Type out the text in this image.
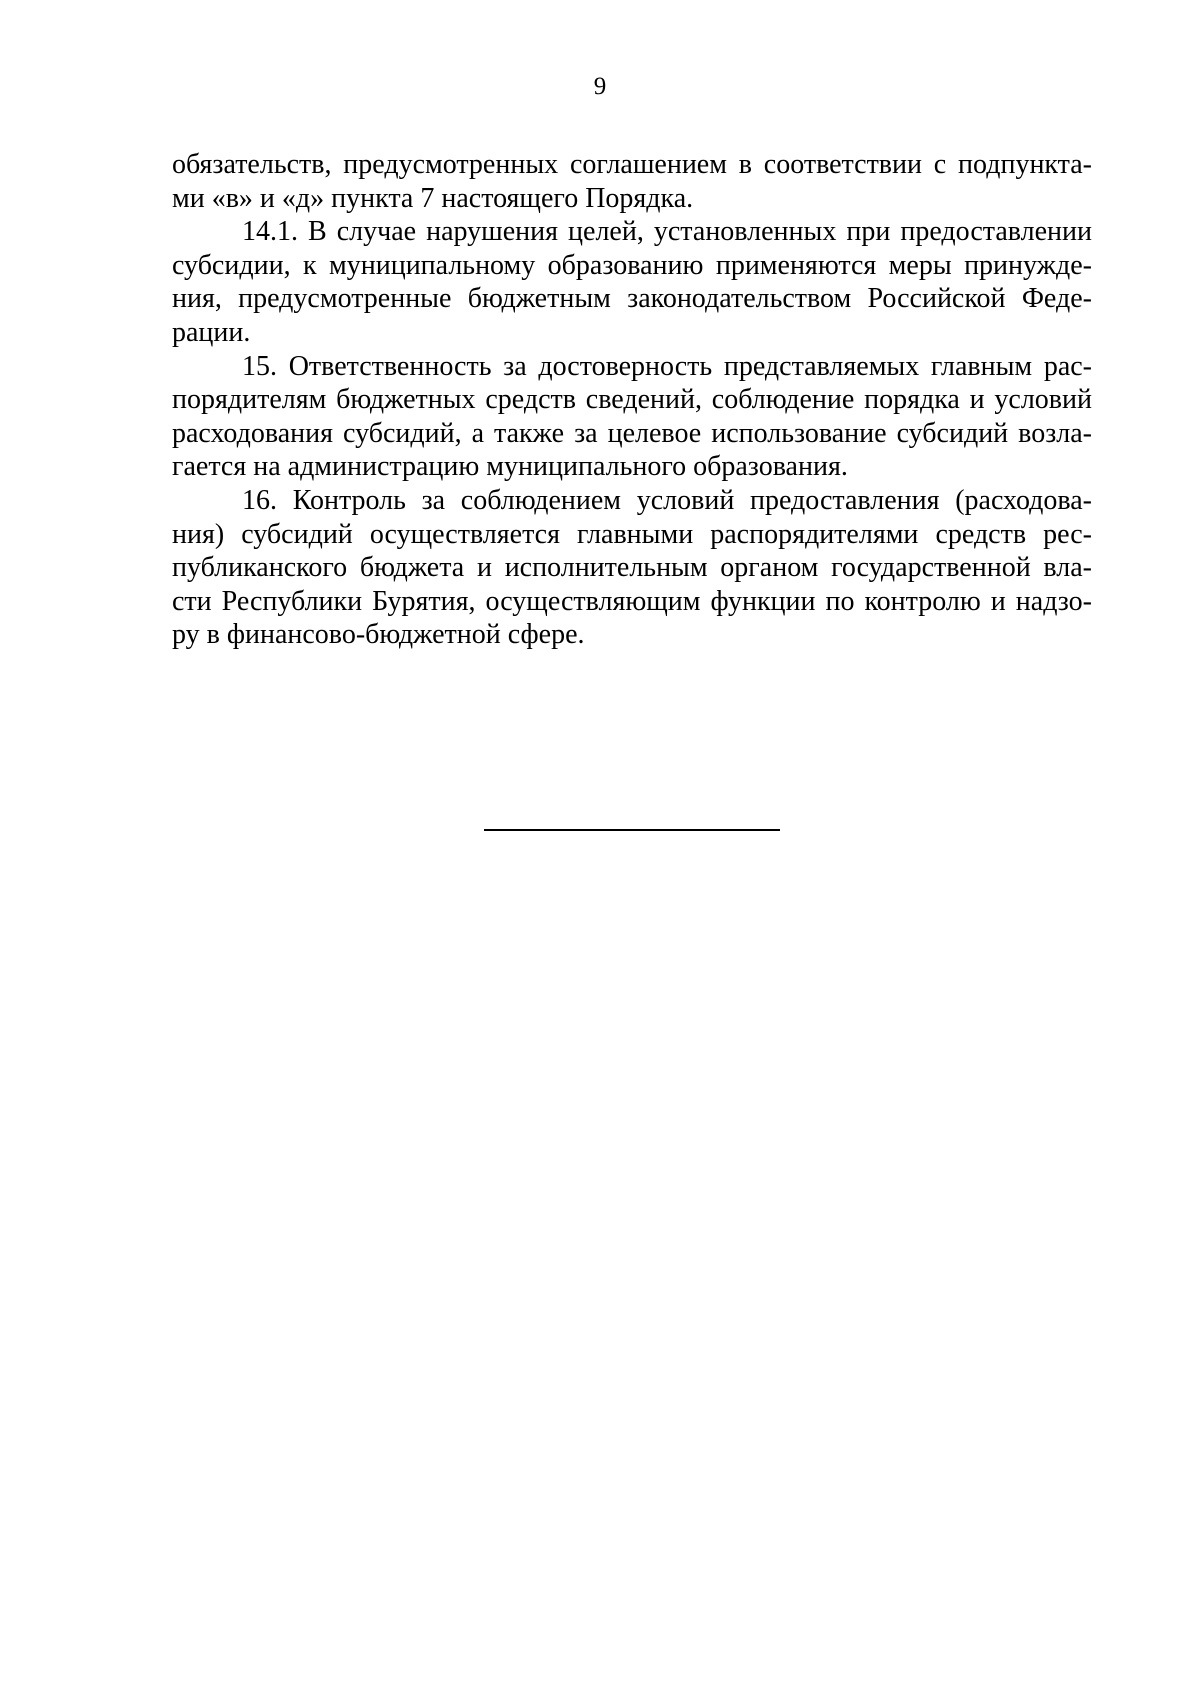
9
обязательств, предусмотренных соглашением в соответствии с подпункта-
ми «в» и «д» пункта 7 настоящего Порядка.
14.1. В случае нарушения целей, установленных при предоставлении
субсидии, к муниципальному образованию применяются меры принужде-
ния, предусмотренные бюджетным законодательством Российской Феде-
рации.
15. Ответственность за достоверность представляемых главным рас-
порядителям бюджетных средств сведений, соблюдение порядка и условий
расходования субсидий, а также за целевое использование субсидий возла-
гается на администрацию муниципального образования.
16. Контроль за соблюдением условий предоставления (расходова-
ния) субсидий осуществляется главными распорядителями средств рес-
публиканского бюджета и исполнительным органом государственной вла-
сти Республики Бурятия, осуществляющим функции по контролю и надзо-
ру в финансово-бюджетной сфере.
